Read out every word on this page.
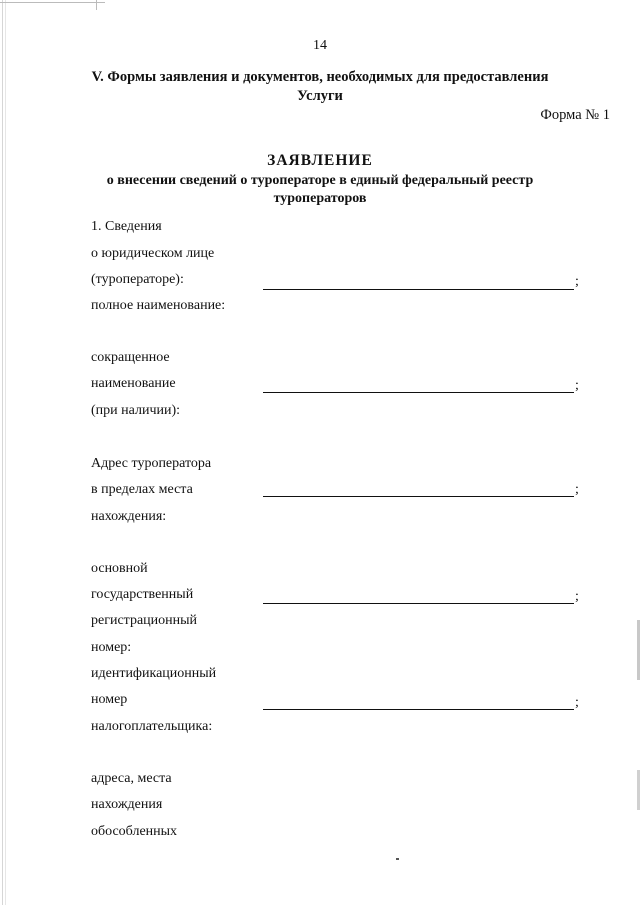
14
V. Формы заявления и документов, необходимых для предоставления
Услуги
Форма № 1
ЗАЯВЛЕНИЕ
о внесении сведений о туроператоре в единый федеральный реестр
туроператоров
1. Сведения
о юридическом лице
(туроператоре):
полное наименование:
;
сокращенное
наименование
(при наличии):
;
Адрес туроператора
в пределах места
нахождения:
;
основной
государственный
регистрационный
номер:
;
идентификационный
номер
налогоплательщика:
;
адреса, места
нахождения
обособленных
